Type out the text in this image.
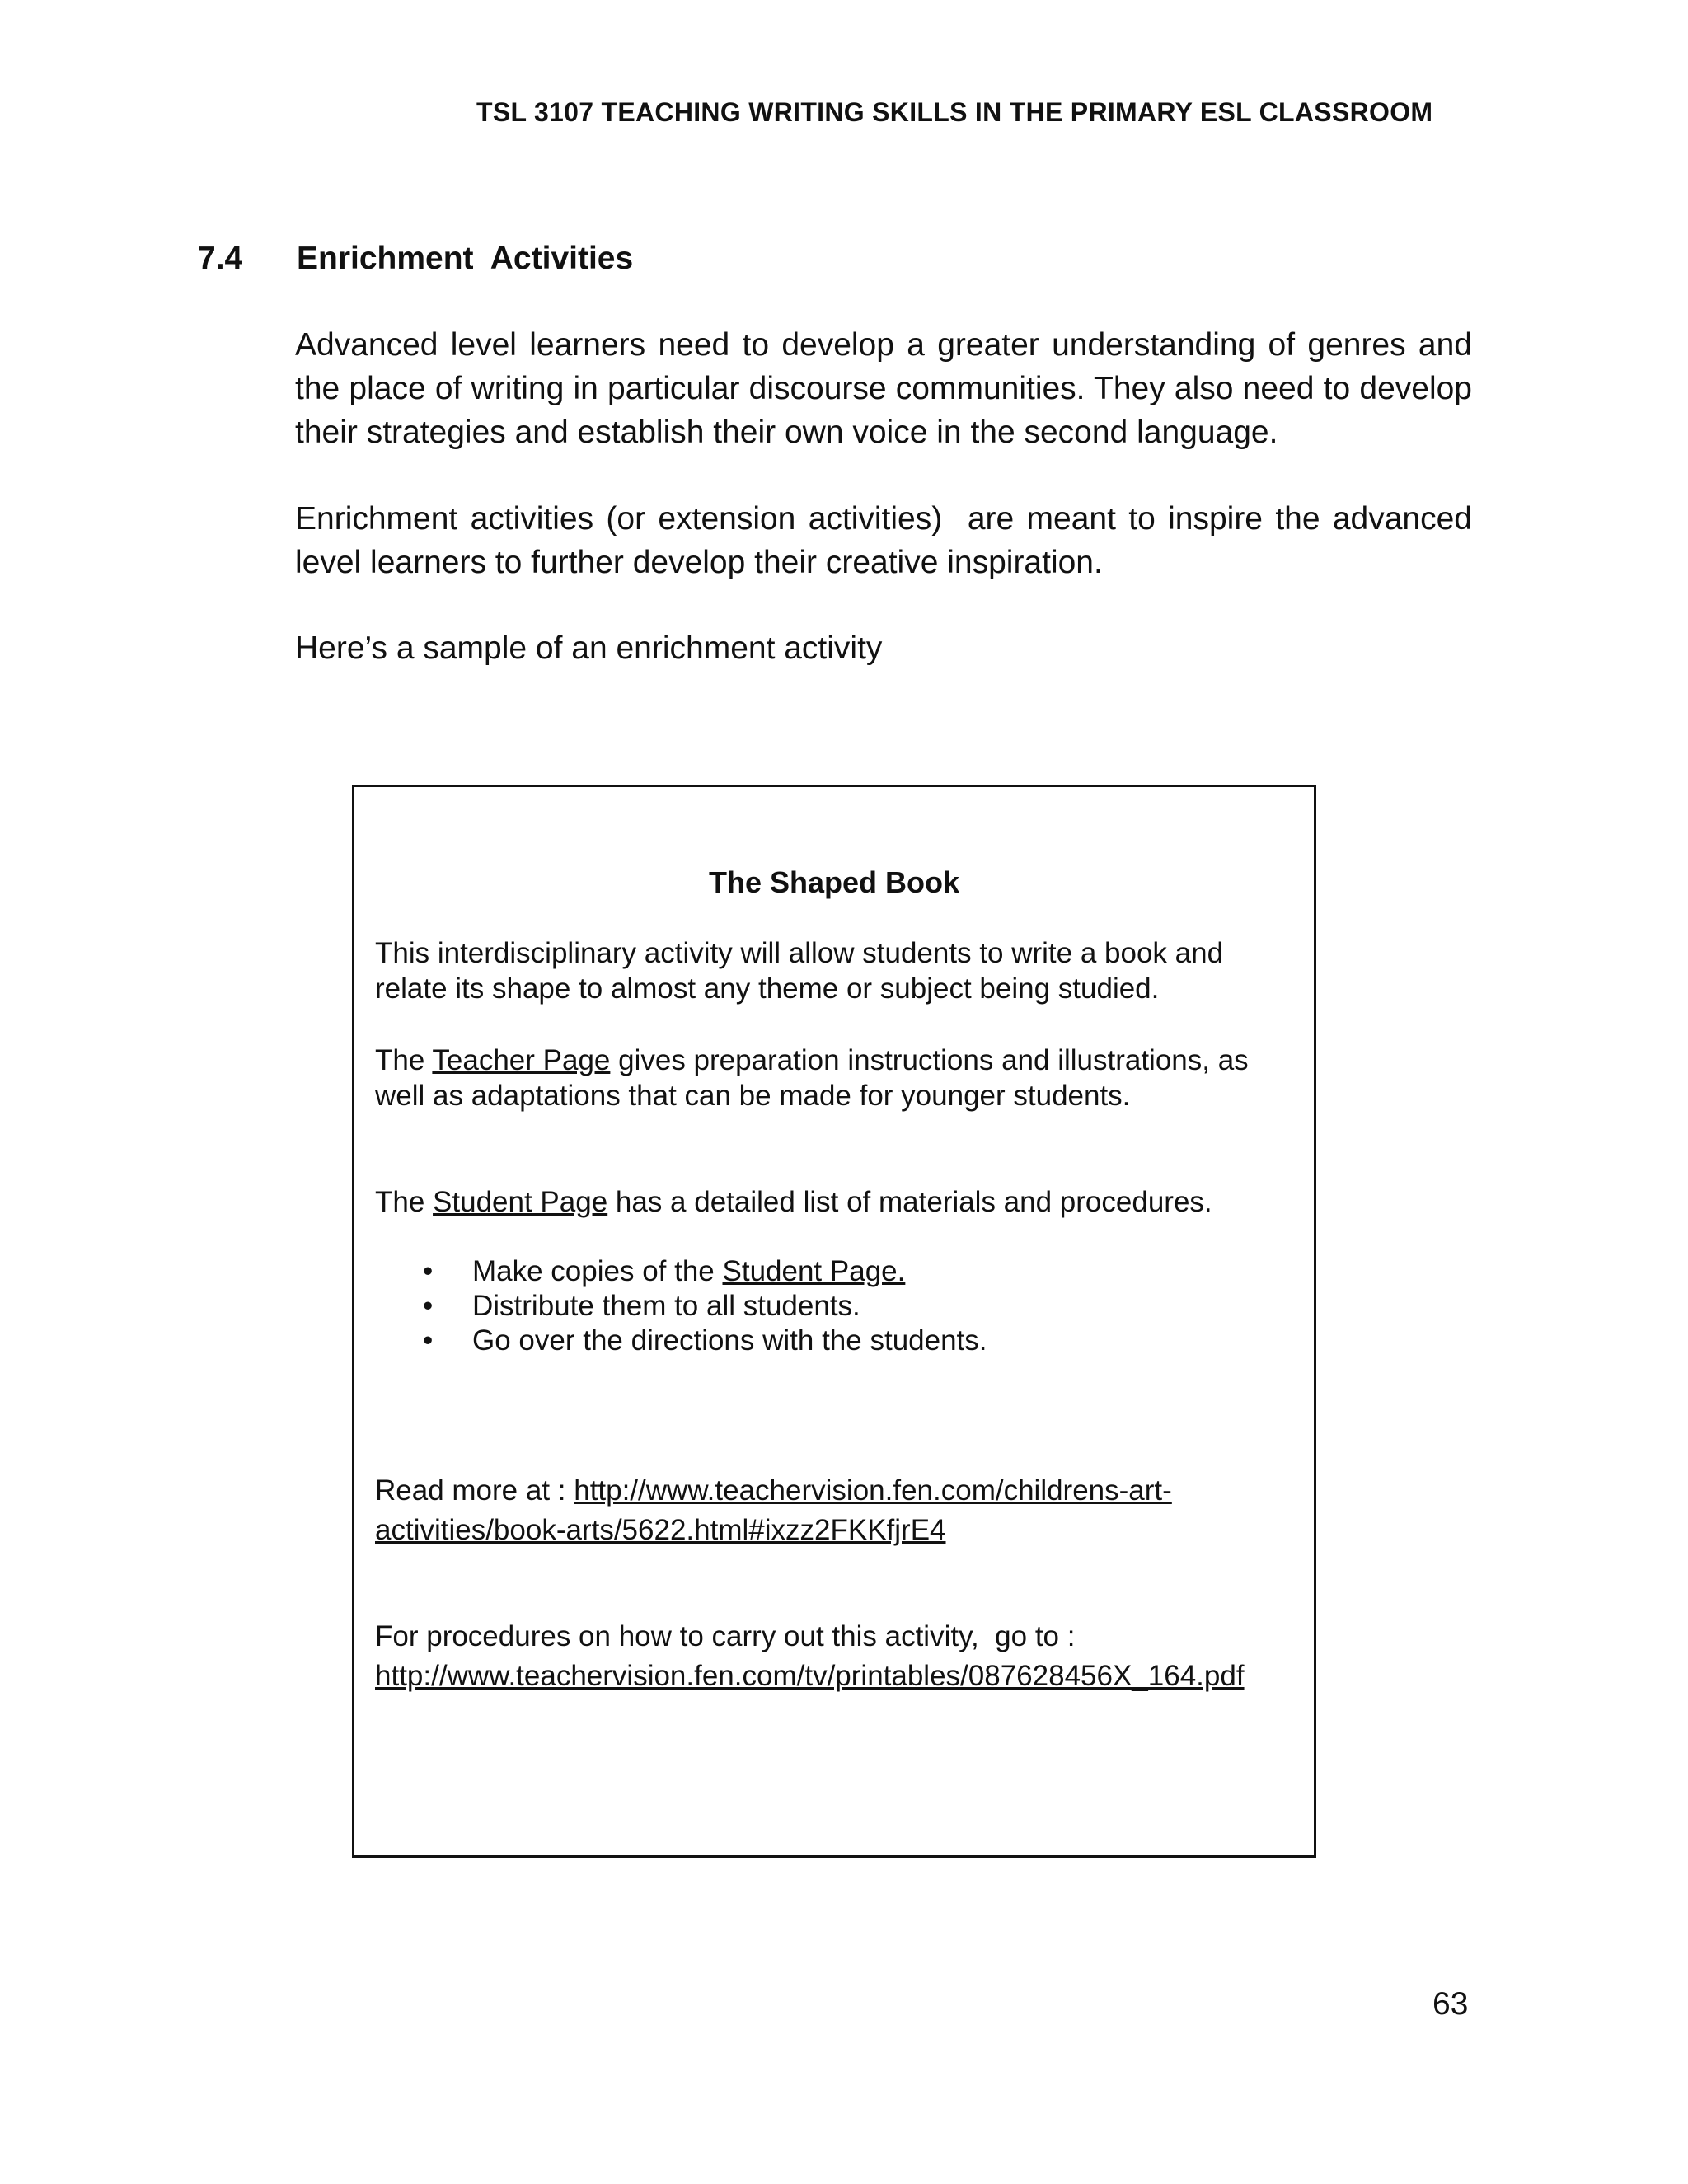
TSL 3107 TEACHING WRITING SKILLS IN THE PRIMARY ESL CLASSROOM
7.4 Enrichment  Activities
Advanced level learners need to develop a greater understanding of genres and the place of writing in particular discourse communities. They also need to develop their strategies and establish their own voice in the second language.
Enrichment activities (or extension activities)  are meant to inspire the advanced level learners to further develop their creative inspiration.
Here’s a sample of an enrichment activity
The Shaped Book
This interdisciplinary activity will allow students to write a book and relate its shape to almost any theme or subject being studied.
The Teacher Page gives preparation instructions and illustrations, as well as adaptations that can be made for younger students.
The Student Page has a detailed list of materials and procedures.
• Make copies of the Student Page.
• Distribute them to all students.
• Go over the directions with the students.
Read more at : http://www.teachervision.fen.com/childrens-art-activities/book-arts/5622.html#ixzz2FKKfjrE4
For procedures on how to carry out this activity,  go to :
http://www.teachervision.fen.com/tv/printables/087628456X_164.pdf
63
